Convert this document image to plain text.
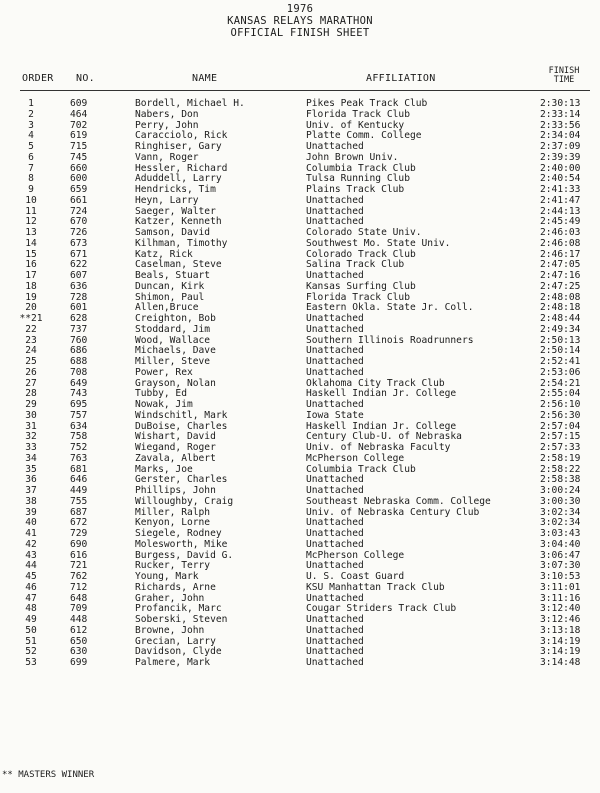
1976
KANSAS RELAYS MARATHON
OFFICIAL FINISH SHEET
ORDER NO.	NAME	AFFILIATION
FINISH
TIME
1	609	Bordell, Michael H.	Pikes Peak Track Club	2:30:13
2	464	Nabers, Don	Florida Track Club	2:33:14
3	702	Perry, John	Univ. of Kentucky	2:33:56
4	619	Caracciolo, Rick	Platte Comm. College	2:34:04
5	715	Ringhiser, Gary	Unattached	2:37:09
6	745	Vann, Roger	John Brown Univ.	2:39:39
7	660	Hessler, Richard	Columbia Track Club	2:40:00
8	600	Aduddell, Larry	Tulsa Running Club	2:40:54
9	659	Hendricks, Tim	Plains Track Club	2:41:33
10	661	Heyn, Larry	Unattached	2:41:47
11	724	Saeger, Walter	Unattached	2:44:13
12	670	Katzer, Kenneth	Unattached	2:45:49
13	726	Samson, David	Colorado State Univ.	2:46:03
14	673	Kilhman, Timothy	Southwest Mo. State Univ.	2:46:08
15	671	Katz, Rick	Colorado Track Club	2:46:17
16	622	Caselman, Steve	Salina Track Club	2:47:05
17	607	Beals, Stuart	Unattached	2:47:16
18	636	Duncan, Kirk	Kansas Surfing Club	2:47:25
19	728	Shimon, Paul	Florida Track Club	2:48:08
20	601	Allen,Bruce	Eastern Okla. State Jr. Coll.	2:48:18
**21	628	Creighton, Bob	Unattached	2:48:44
22	737	Stoddard, Jim	Unattached	2:49:34
23	760	Wood, Wallace	Southern Illinois Roadrunners	2:50:13
24	686	Michaels, Dave	Unattached	2:50:14
25	688	Miller, Steve	Unattached	2:52:41
26	708	Power, Rex	Unattached	2:53:06
27	649	Grayson, Nolan	Oklahoma City Track Club	2:54:21
28	743	Tubby, Ed	Haskell Indian Jr. College	2:55:04
29	695	Nowak, Jim	Unattached	2:56:10
30	757	Windschitl, Mark	Iowa State	2:56:30
31	634	DuBoise, Charles	Haskell Indian Jr. College	2:57:04
32	758	Wishart, David	Century Club-U. of Nebraska	2:57:15
33	752	Wiegand, Roger	Univ. of Nebraska Faculty	2:57:33
34	763	Zavala, Albert	McPherson College	2:58:19
35	681	Marks, Joe	Columbia Track Club	2:58:22
36	646	Gerster, Charles	Unattached	2:58:38
37	449	Phillips, John	Unattached	3:00:24
38	755	Willoughby, Craig	Southeast Nebraska Comm. College	3:00:30
39	687	Miller, Ralph	Univ. of Nebraska Century Club	3:02:34
40	672	Kenyon, Lorne	Unattached	3:02:34
41	729	Siegele, Rodney	Unattached	3:03:43
42	690	Molesworth, Mike	Unattached	3:04:40
43	616	Burgess, David G.	McPherson College	3:06:47
44	721	Rucker, Terry	Unattached	3:07:30
45	762	Young, Mark	U. S. Coast Guard	3:10:53
46	712	Richards, Arne	KSU Manhattan Track Club	3:11:01
47	648	Graher, John	Unattached	3:11:16
48	709	Profancik, Marc	Cougar Striders Track Club	3:12:40
49	448	Soberski, Steven	Unattached	3:12:46
50	612	Browne, John	Unattached	3:13:18
51	650	Grecian, Larry	Unattached	3:14:19
52	630	Davidson, Clyde	Unattached	3:14:19
53	699	Palmere, Mark	Unattached	3:14:48
** MASTERS WINNER
